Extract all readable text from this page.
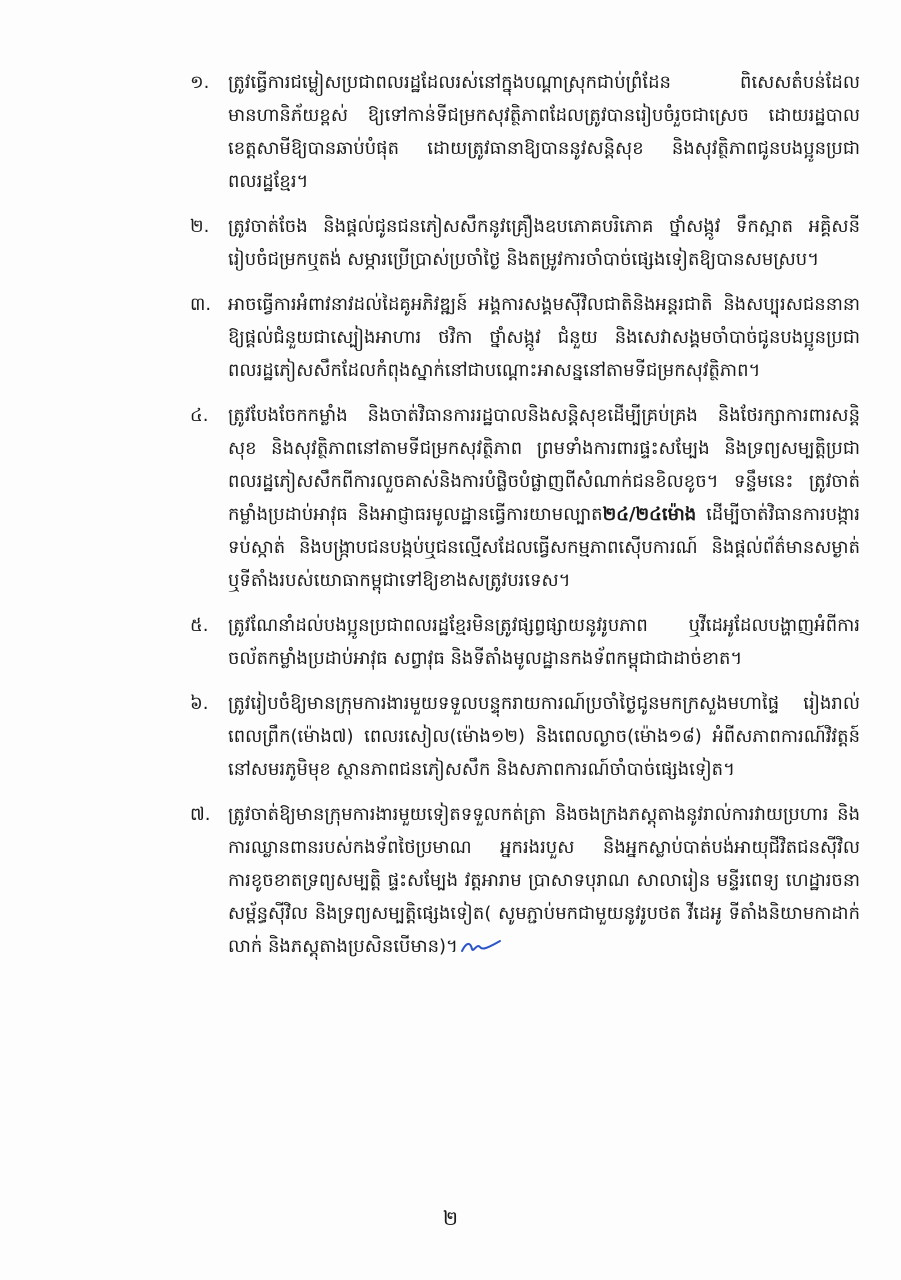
១.	ត្រូវធ្វើការជម្លៀសប្រជាពលរដ្ឋដែលរស់នៅក្នុងបណ្ដាស្រុកជាប់ព្រំដែន ពិសេសតំបន់ដែលមានហានិភ័យខ្ពស់ ឱ្យទៅកាន់ទីជម្រកសុវត្ថិភាពដែលត្រូវបានរៀបចំរួចជាស្រេច ដោយរដ្ឋបាលខេត្តសាមីឱ្យបានឆាប់បំផុត ដោយត្រូវធានាឱ្យបាននូវសន្តិសុខ និងសុវត្ថិភាពជូនបងប្អូនប្រជាពលរដ្ឋខ្មែរ។
២.	ត្រូវចាត់ចែង និងផ្ដល់ជូនជនភៀសសឹកនូវគ្រឿងឧបភោគបរិភោគ ថ្នាំសង្កូវ ទឹកស្អាត អគ្គិសនី រៀបចំជម្រកឬតង់ សម្ភារប្រើប្រាស់ប្រចាំថ្ងៃ និងតម្រូវការចាំបាច់ផ្សេងទៀតឱ្យបានសមស្រប។
៣. អាចធ្វើការអំពាវនាវដល់ដៃគូអភិវឌ្ឍន៍ អង្គការសង្គមស៊ីវិលជាតិនិងអន្តរជាតិ និងសប្បុរសជននានា ឱ្យផ្ដល់ជំនួយជាស្បៀងអាហារ ថវិកា ថ្នាំសង្កូវ ជំនួយ និងសេវាសង្គមចាំបាច់ជូនបងប្អូនប្រជាពលរដ្ឋភៀសសឹកដែលកំពុងស្នាក់នៅជាបណ្ដោះអាសន្ននៅតាមទីជម្រកសុវត្ថិភាព។
៤.	ត្រូវបែងចែកកម្លាំង និងចាត់វិធានការរដ្ឋបាលនិងសន្តិសុខដើម្បីគ្រប់គ្រង និងថែរក្សាការពារសន្តិសុខ និងសុវត្ថិភាពនៅតាមទីជម្រកសុវត្ថិភាព ព្រមទាំងការពារផ្ទះសម្បែង និងទ្រព្យសម្បត្តិប្រជាពលរដ្ឋភៀសសឹកពីការលួចគាស់និងការបំផ្លិចបំផ្លាញពីសំណាក់ជនខិលខូច។ ទន្ទឹមនេះ ត្រូវចាត់កម្លាំងប្រដាប់អាវុធ និងអាជ្ញាធរមូលដ្ឋានធ្វើការយាមល្បាត២៤/២៤ម៉ោង ដើម្បីចាត់វិធានការបង្ការ ទប់ស្កាត់ និងបង្ក្រាបជនបង្កប់ឬជនល្មើសដែលធ្វើសកម្មភាពស៊ើបការណ៍ និងផ្ដល់ព័ត៌មានសម្ងាត់ ឬទីតាំងរបស់យោធាកម្ពុជាទៅឱ្យខាងសត្រូវបរទេស។
៥.	ត្រូវណែនាំដល់បងប្អូនប្រជាពលរដ្ឋខ្មែរមិនត្រូវផ្សព្វផ្សាយនូវរូបភាព ឬវីដេអូដែលបង្ហាញអំពីការចល័តកម្លាំងប្រដាប់អាវុធ សព្វាវុធ និងទីតាំងមូលដ្ឋានកងទ័ពកម្ពុជាជាដាច់ខាត។
៦.	ត្រូវរៀបចំឱ្យមានក្រុមការងារមួយទទួលបន្ទុករាយការណ៍ប្រចាំថ្ងៃជូនមកក្រសួងមហាផ្ទៃ រៀងរាល់ពេលព្រឹក(ម៉ោង៧) ពេលរសៀល(ម៉ោង១២) និងពេលល្ងាច(ម៉ោង១៨) អំពីសភាពការណ៍វិវត្តន៍នៅសមរភូមិមុខ ស្ថានភាពជនភៀសសឹក និងសភាពការណ៍ចាំបាច់ផ្សេងទៀត។
៧. ត្រូវចាត់ឱ្យមានក្រុមការងារមួយទៀតទទួលកត់ត្រា និងចងក្រងភស្តុតាងនូវរាល់ការវាយប្រហារ និងការឈ្លានពានរបស់កងទ័ពថៃប្រមាណ អ្នករងរបួស និងអ្នកស្លាប់បាត់បង់អាយុជីវិតជនស៊ីវិល ការខូចខាតទ្រព្យសម្បត្តិ ផ្ទះសម្បែង វត្តអារាម ប្រាសាទបុរាណ សាលារៀន មន្ទីរពេទ្យ ហេដ្ឋារចនាសម្ព័ន្ធស៊ីវិល និងទ្រព្យសម្បត្តិផ្សេងទៀត( សូមភ្ជាប់មកជាមួយនូវរូបថត វីដេអូ ទីតាំងនិយាមកាដាក់លាក់ និងភស្តុតាងប្រសិនបើមាន)។
២
